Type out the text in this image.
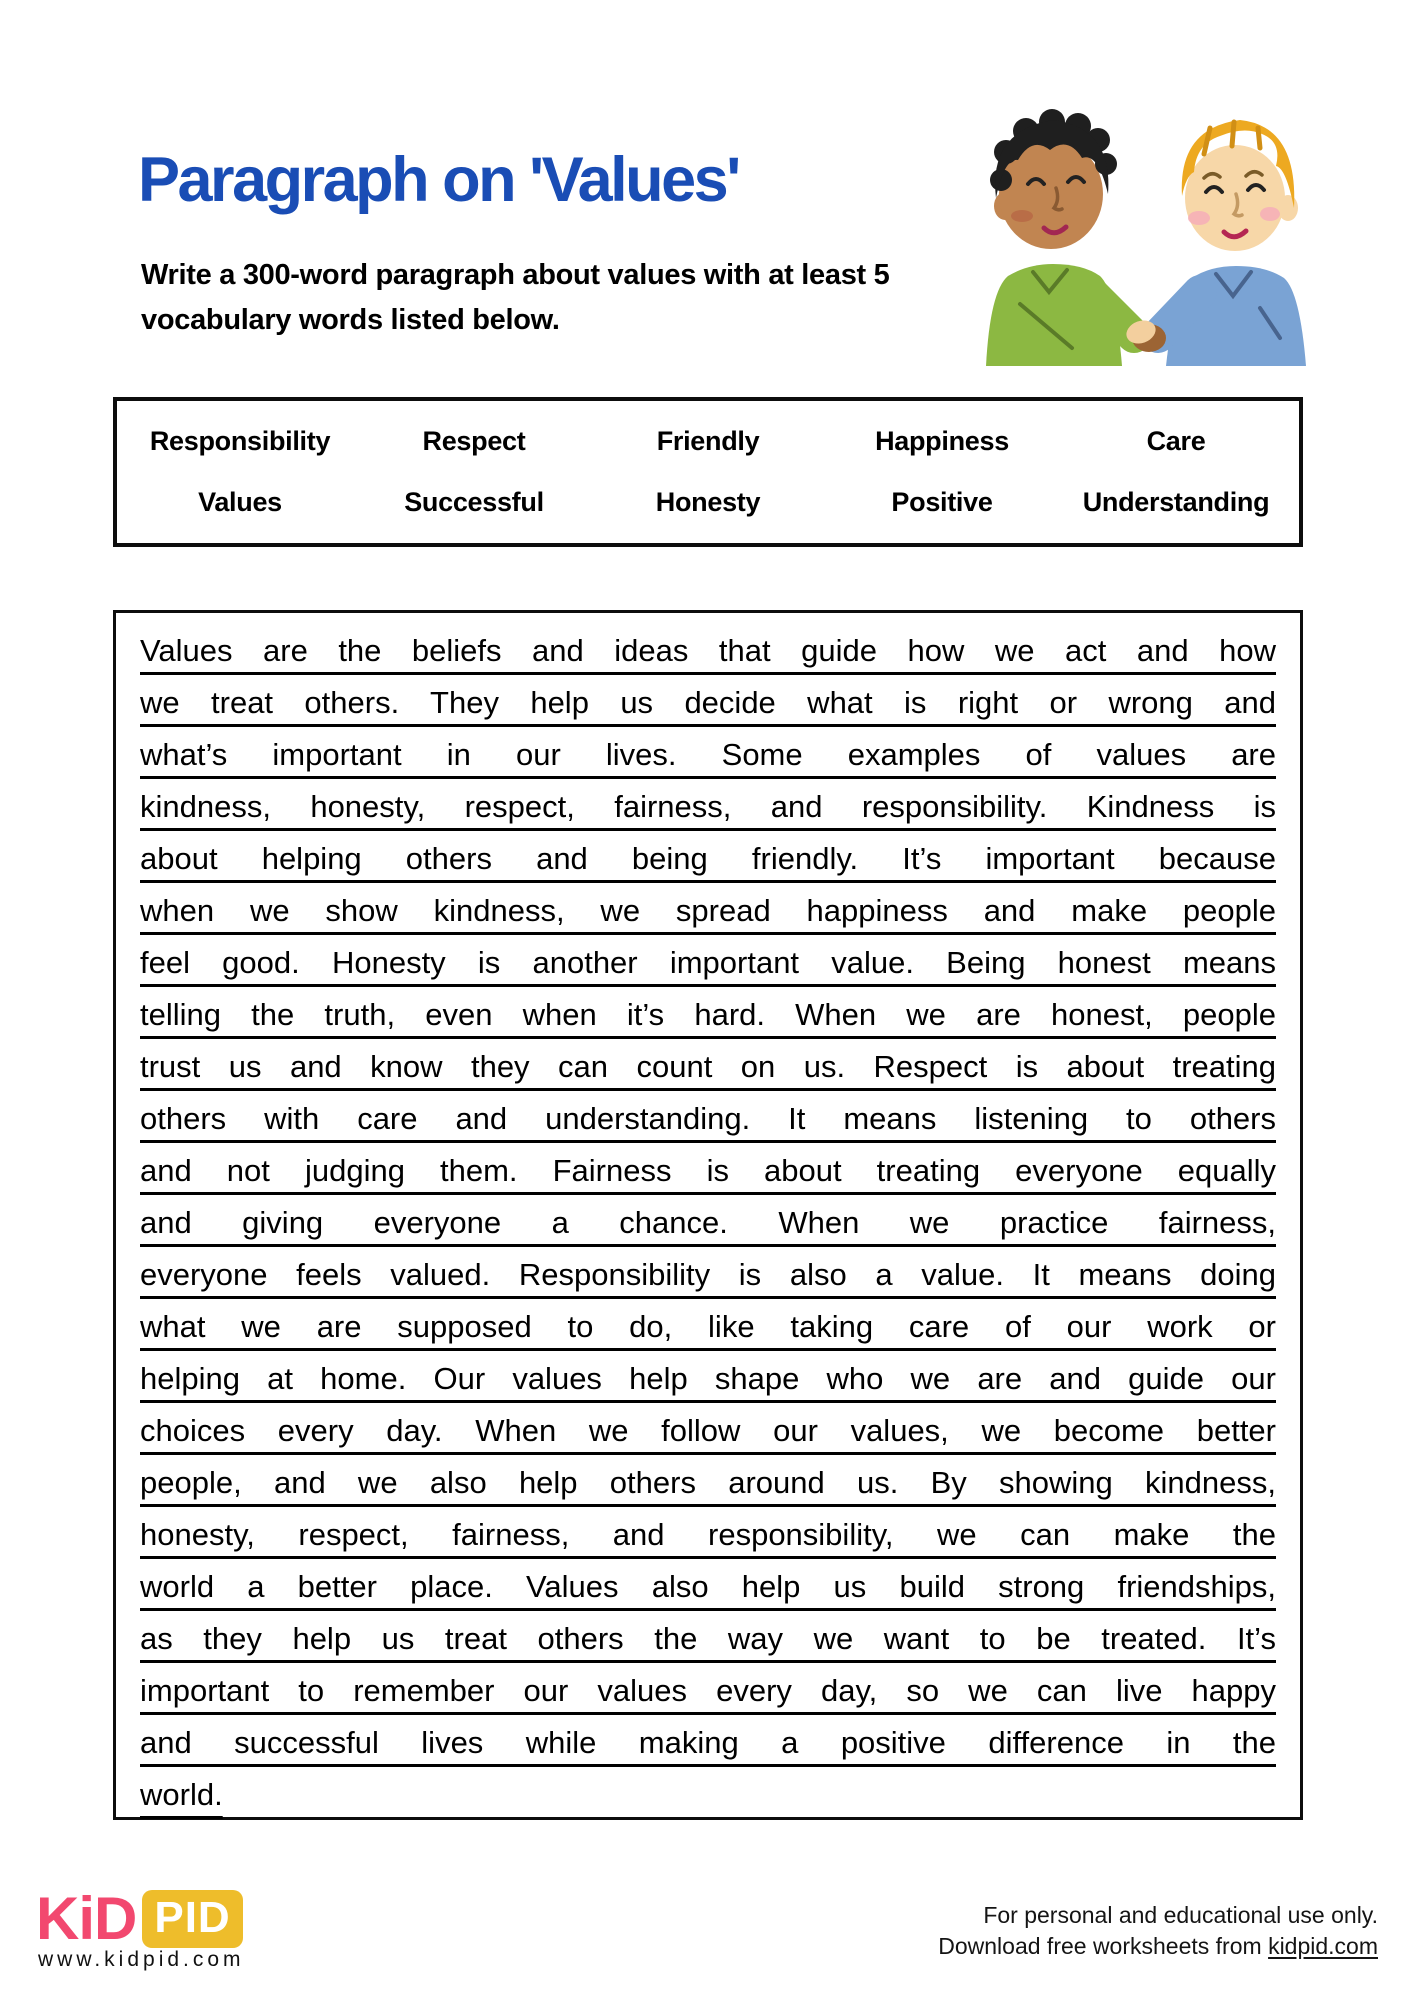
Paragraph on 'Values'
Write a 300-word paragraph about values with at least 5
vocabulary words listed below.
Responsibility	Respect	Friendly	Happiness	Care
Values	Successful	Honesty	Positive	Understanding
Values are the beliefs and ideas that guide how we act and how
we treat others. They help us decide what is right or wrong and
what’s important in our lives. Some examples of values are
kindness, honesty, respect, fairness, and responsibility. Kindness is
about helping others and being friendly. It’s important because
when we show kindness, we spread happiness and make people
feel good. Honesty is another important value. Being honest means
telling the truth, even when it’s hard. When we are honest, people
trust us and know they can count on us. Respect is about treating
others with care and understanding. It means listening to others
and not judging them. Fairness is about treating everyone equally
and giving everyone a chance. When we practice fairness,
everyone feels valued. Responsibility is also a value. It means doing
what we are supposed to do, like taking care of our work or
helping at home. Our values help shape who we are and guide our
choices every day. When we follow our values, we become better
people, and we also help others around us. By showing kindness,
honesty, respect, fairness, and responsibility, we can make the
world a better place. Values also help us build strong friendships,
as they help us treat others the way we want to be treated. It’s
important to remember our values every day, so we can live happy
and successful lives while making a positive difference in the
world.
KiD PID
www.kidpid.com
For personal and educational use only.
Download free worksheets from kidpid.com
